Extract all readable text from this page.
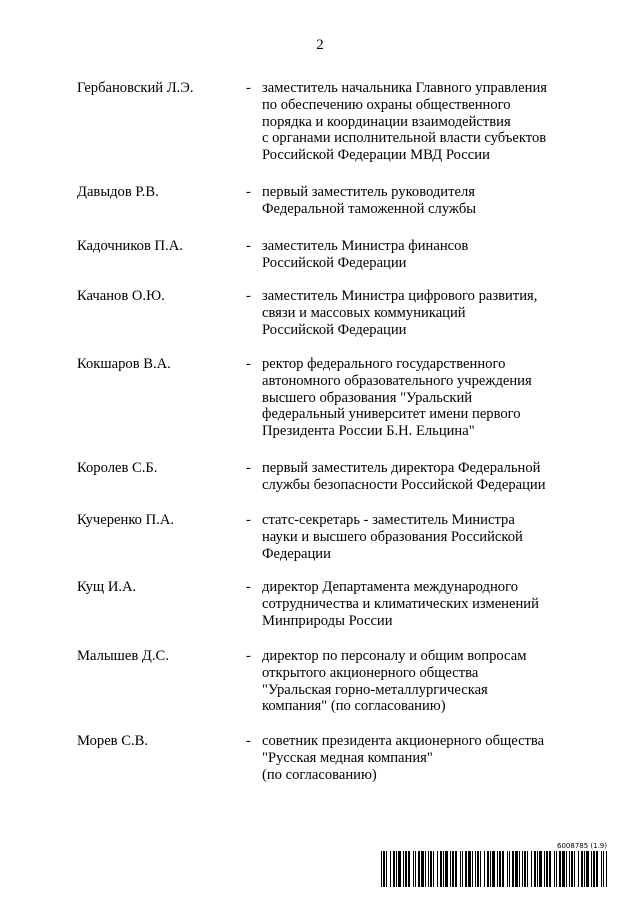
2
Гербановский Л.Э.	- заместитель начальника Главного управления
по обеспечению охраны общественного
порядка и координации взаимодействия
с органами исполнительной власти субъектов
Российской Федерации МВД России
Давыдов Р.В.	- первый заместитель руководителя
Федеральной таможенной службы
Кадочников П.А.	- заместитель Министра финансов
Российской Федерации
Качанов О.Ю.	- заместитель Министра цифрового развития,
связи и массовых коммуникаций
Российской Федерации
Кокшаров В.А.	- ректор федерального государственного
автономного образовательного учреждения
высшего образования "Уральский
федеральный университет имени первого
Президента России Б.Н. Ельцина"
Королев С.Б.	- первый заместитель директора Федеральной
службы безопасности Российской Федерации
Кучеренко П.А.	- статс-секретарь - заместитель Министра
науки и высшего образования Российской
Федерации
Кущ И.А.	- директор Департамента международного
сотрудничества и климатических изменений
Минприроды России
Малышев Д.С.	- директор по персоналу и общим вопросам
открытого акционерного общества
"Уральская горно-металлургическая
компания" (по согласованию)
Морев С.В.	- советник президента акционерного общества
"Русская медная компания"
(по согласованию)
6008785 (1.9)
